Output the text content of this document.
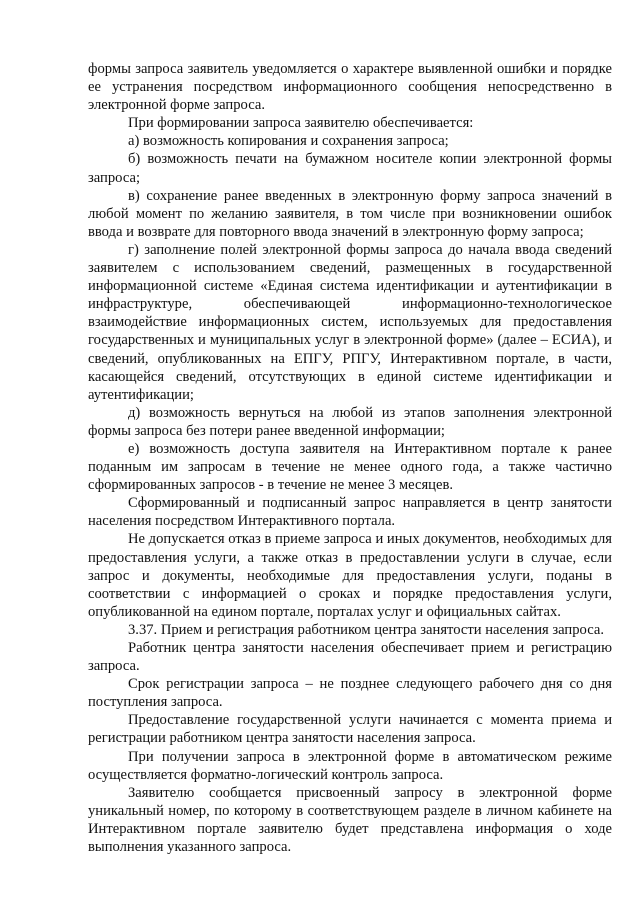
формы запроса заявитель уведомляется о характере выявленной ошибки и порядке ее устранения посредством информационного сообщения непосредственно в электронной форме запроса.

При формировании запроса заявителю обеспечивается:

а) возможность копирования и сохранения запроса;

б) возможность печати на бумажном носителе копии электронной формы запроса;

в) сохранение ранее введенных в электронную форму запроса значений в любой момент по желанию заявителя, в том числе при возникновении ошибок ввода и возврате для повторного ввода значений в электронную форму запроса;

г) заполнение полей электронной формы запроса до начала ввода сведений заявителем с использованием сведений, размещенных в государственной информационной системе «Единая система идентификации и аутентификации в инфраструктуре, обеспечивающей информационно-технологическое взаимодействие информационных систем, используемых для предоставления государственных и муниципальных услуг в электронной форме» (далее – ЕСИА), и сведений, опубликованных на ЕПГУ, РПГУ, Интерактивном портале, в части, касающейся сведений, отсутствующих в единой системе идентификации и аутентификации;

д) возможность вернуться на любой из этапов заполнения электронной формы запроса без потери ранее введенной информации;

е) возможность доступа заявителя на Интерактивном портале к ранее поданным им запросам в течение не менее одного года, а также частично сформированных запросов - в течение не менее 3 месяцев.

Сформированный и подписанный запрос направляется в центр занятости населения посредством Интерактивного портала.

Не допускается отказ в приеме запроса и иных документов, необходимых для предоставления услуги, а также отказ в предоставлении услуги в случае, если запрос и документы, необходимые для предоставления услуги, поданы в соответствии с информацией о сроках и порядке предоставления услуги, опубликованной на едином портале, порталах услуг и официальных сайтах.

3.37. Прием и регистрация работником центра занятости населения запроса.

Работник центра занятости населения обеспечивает прием и регистрацию запроса.

Срок регистрации запроса – не позднее следующего рабочего дня со дня поступления запроса.

Предоставление государственной услуги начинается с момента приема и регистрации работником центра занятости населения запроса.

При получении запроса в электронной форме в автоматическом режиме осуществляется форматно-логический контроль запроса.

Заявителю сообщается присвоенный запросу в электронной форме уникальный номер, по которому в соответствующем разделе в личном кабинете на Интерактивном портале заявителю будет представлена информация о ходе выполнения указанного запроса.
